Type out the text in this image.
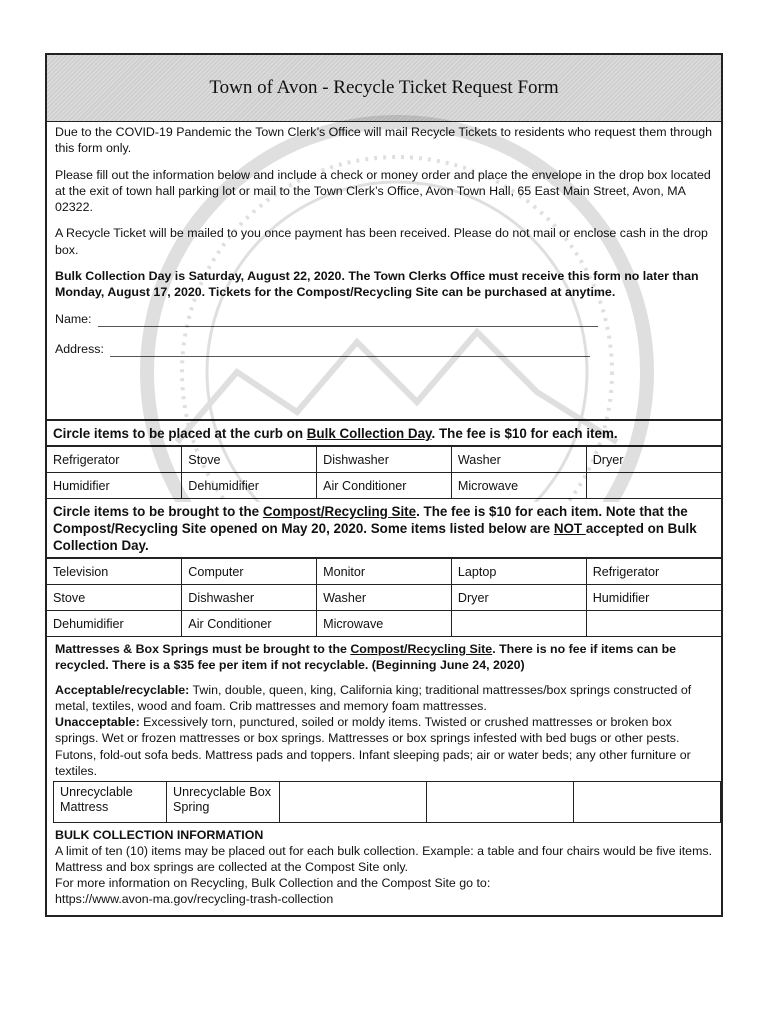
Town of Avon - Recycle Ticket Request Form

Due to the COVID-19 Pandemic the Town Clerk’s Office will mail Recycle Tickets to residents who request them through this form only.

Please fill out the information below and include a check or money order and place the envelope in the drop box located at the exit of town hall parking lot or mail to the Town Clerk’s Office, Avon Town Hall, 65 East Main Street, Avon, MA 02322.

A Recycle Ticket will be mailed to you once payment has been received. Please do not mail or enclose cash in the drop box.

Bulk Collection Day is Saturday, August 22, 2020. The Town Clerks Office must receive this form no later than Monday, August 17, 2020. Tickets for the Compost/Recycling Site can be purchased at anytime.

Name:
Address:
Circle items to be placed at the curb on Bulk Collection Day. The fee is $10 for each item.
Refrigerator	Stove	Dishwasher	Washer	Dryer
Humidifier	Dehumidifier	Air Conditioner	Microwave	
Circle items to be brought to the Compost/Recycling Site. The fee is $10 for each item. Note that the Compost/Recycling Site opened on May 20, 2020. Some items listed below are NOT accepted on Bulk Collection Day.
Television	Computer	Monitor	Laptop	Refrigerator
Stove	Dishwasher	Washer	Dryer	Humidifier
Dehumidifier	Air Conditioner	Microwave		
Mattresses & Box Springs must be brought to the Compost/Recycling Site. There is no fee if items can be recycled. There is a $35 fee per item if not recyclable. (Beginning June 24, 2020)
Acceptable/recyclable: Twin, double, queen, king, California king; traditional mattresses/box springs constructed of metal, textiles, wood and foam. Crib mattresses and memory foam mattresses.
Unacceptable: Excessively torn, punctured, soiled or moldy items. Twisted or crushed mattresses or broken box springs. Wet or frozen mattresses or box springs. Mattresses or box springs infested with bed bugs or other pests. Futons, fold-out sofa beds. Mattress pads and toppers. Infant sleeping pads; air or water beds; any other furniture or textiles.
Unrecyclable Mattress	Unrecyclable Box Spring			

BULK COLLECTION INFORMATION

A limit of ten (10) items may be placed out for each bulk collection. Example: a table and four chairs would be five items.

Mattress and box springs are collected at the Compost Site only.

For more information on Recycling, Bulk Collection and the Compost Site go to:

https://www.avon-ma.gov/recycling-trash-collection
